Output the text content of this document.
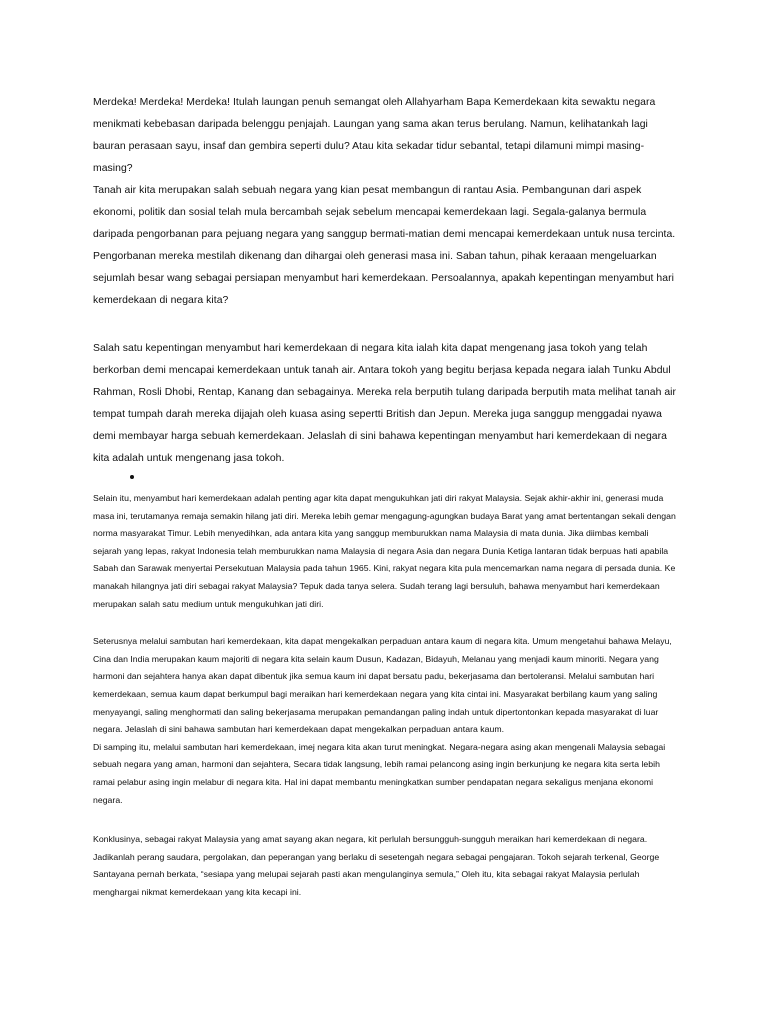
Merdeka! Merdeka! Merdeka! Itulah laungan penuh semangat oleh Allahyarham Bapa Kemerdekaan kita sewaktu negara menikmati kebebasan daripada belenggu penjajah. Laungan yang sama akan terus berulang. Namun, kelihatankah lagi bauran perasaan sayu, insaf dan gembira seperti dulu? Atau kita sekadar tidur sebantal, tetapi dilamuni mimpi masing-masing?

Tanah air kita merupakan salah sebuah negara yang kian pesat membangun di rantau Asia. Pembangunan dari aspek ekonomi, politik dan sosial telah mula bercambah sejak sebelum mencapai kemerdekaan lagi. Segala-galanya bermula daripada pengorbanan para pejuang negara yang sanggup bermati-matian demi mencapai kemerdekaan untuk nusa tercinta. Pengorbanan mereka mestilah dikenang dan dihargai oleh generasi masa ini. Saban tahun, pihak keraaan mengeluarkan sejumlah besar wang sebagai persiapan menyambut hari kemerdekaan. Persoalannya, apakah kepentingan menyambut hari kemerdekaan di negara kita?

Salah satu kepentingan menyambut hari kemerdekaan di negara kita ialah kita dapat mengenang jasa tokoh yang telah berkorban demi mencapai kemerdekaan untuk tanah air. Antara tokoh yang begitu berjasa kepada negara ialah Tunku Abdul Rahman, Rosli Dhobi, Rentap, Kanang dan sebagainya. Mereka rela berputih tulang daripada berputih mata melihat tanah air tempat tumpah darah mereka dijajah oleh kuasa asing sepertti British dan Jepun. Mereka juga sanggup menggadai nyawa demi membayar harga sebuah kemerdekaan. Jelaslah di sini bahawa kepentingan menyambut hari kemerdekaan di negara kita adalah untuk mengenang jasa tokoh.

Selain itu, menyambut hari kemerdekaan adalah penting agar kita dapat mengukuhkan jati diri rakyat Malaysia. Sejak akhir-akhir ini, generasi muda masa ini, terutamanya remaja semakin hilang jati diri. Mereka lebih gemar mengagung-agungkan budaya Barat yang amat bertentangan sekali dengan norma masyarakat Timur. Lebih menyedihkan, ada antara kita yang sanggup memburukkan nama Malaysia di mata dunia. Jika diimbas kembali sejarah yang lepas, rakyat Indonesia telah memburukkan nama Malaysia di negara Asia dan negara Dunia Ketiga lantaran tidak berpuas hati apabila Sabah dan Sarawak menyertai Persekutuan Malaysia pada tahun 1965. Kini, rakyat negara kita pula mencemarkan nama negara di persada dunia. Ke manakah hilangnya jati diri sebagai rakyat Malaysia? Tepuk dada tanya selera. Sudah terang lagi bersuluh, bahawa menyambut hari kemerdekaan merupakan salah satu medium untuk mengukuhkan jati diri.

Seterusnya melalui sambutan hari kemerdekaan, kita dapat mengekalkan perpaduan antara kaum di negara kita. Umum mengetahui bahawa Melayu, Cina dan India merupakan kaum majoriti di negara kita selain kaum Dusun, Kadazan, Bidayuh, Melanau yang menjadi kaum minoriti. Negara yang harmoni dan sejahtera hanya akan dapat dibentuk jika semua kaum ini dapat bersatu padu, bekerjasama dan bertoleransi. Melalui sambutan hari kemerdekaan, semua kaum dapat berkumpul bagi meraikan hari kemerdekaan negara yang kita cintai ini. Masyarakat berbilang kaum yang saling menyayangi, saling menghormati dan saling bekerjasama merupakan pemandangan paling indah untuk dipertontonkan kepada masyarakat di luar negara. Jelaslah di sini bahawa sambutan hari kemerdekaan dapat mengekalkan perpaduan antara kaum.

Di samping itu, melalui sambutan hari kemerdekaan, imej negara kita akan turut meningkat. Negara-negara asing akan mengenali Malaysia sebagai sebuah negara yang aman, harmoni dan sejahtera, Secara tidak langsung, lebih ramai pelancong asing ingin berkunjung ke negara kita serta lebih ramai pelabur asing ingin melabur di negara kita. Hal ini dapat membantu meningkatkan sumber pendapatan negara sekaligus menjana ekonomi negara.

Konklusinya, sebagai rakyat Malaysia yang amat sayang akan negara, kit perlulah bersungguh-sungguh meraikan hari kemerdekaan di negara. Jadikanlah perang saudara, pergolakan, dan peperangan yang berlaku di sesetengah negara sebagai pengajaran. Tokoh sejarah terkenal, George Santayana pernah berkata, “sesiapa yang melupai sejarah pasti akan mengulanginya semula,” Oleh itu, kita sebagai rakyat Malaysia perlulah menghargai nikmat kemerdekaan yang kita kecapi ini.
